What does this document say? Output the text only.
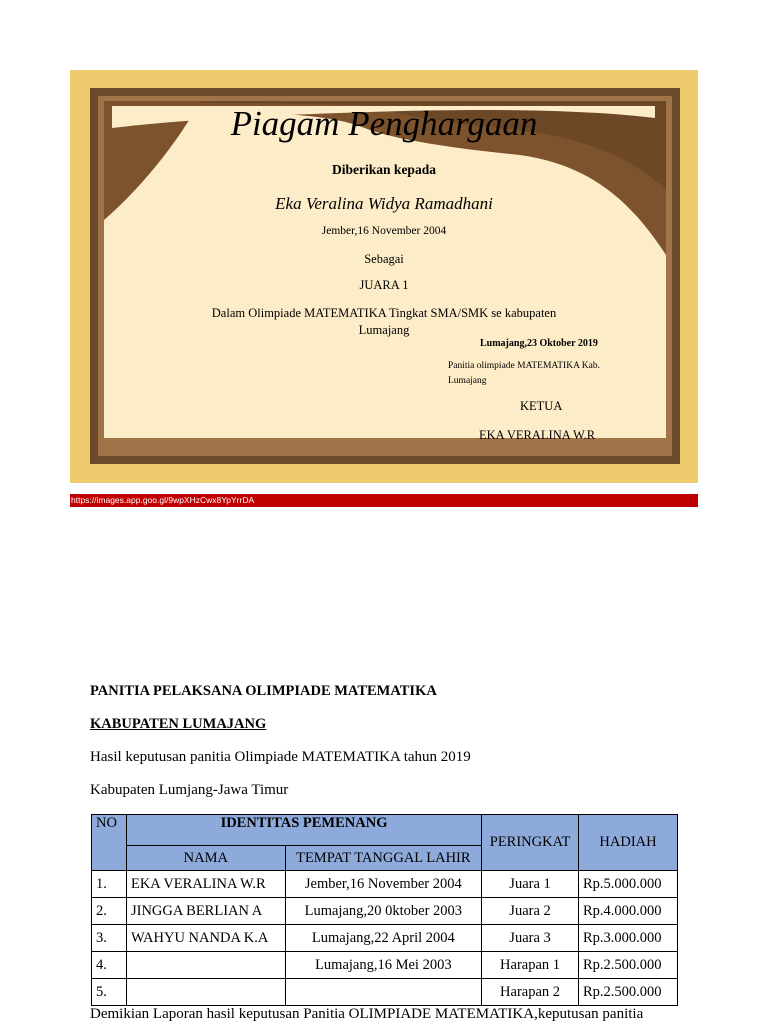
Piagam Penghargaan
Diberikan kepada
Eka Veralina Widya Ramadhani
Jember,16 November 2004
Sebagai
JUARA 1
Dalam Olimpiade MATEMATIKA Tingkat SMA/SMK se kabupaten
Lumajang
Lumajang,23 Oktober 2019
Panitia olimpiade MATEMATIKA Kab.
Lumajang
KETUA
EKA VERALINA W.R
https://images.app.goo.gl/9wpXHzCwx8YpYrrDA
PANITIA PELAKSANA OLIMPIADE MATEMATIKA
KABUPATEN LUMAJANG
Hasil keputusan panitia Olimpiade MATEMATIKA tahun 2019
Kabupaten Lumjang-Jawa Timur
NO	IDENTITAS PEMENANG		PERINGKAT	HADIAH
	NAMA	TEMPAT TANGGAL LAHIR		
1.	EKA VERALINA W.R	Jember,16 November 2004	Juara 1	Rp.5.000.000
2.	JINGGA BERLIAN A	Lumajang,20 0ktober 2003	Juara 2	Rp.4.000.000
3.	WAHYU NANDA K.A	Lumajang,22 April 2004	Juara 3	Rp.3.000.000
4.		Lumajang,16 Mei 2003	Harapan 1	Rp.2.500.000
5.			Harapan 2	Rp.2.500.000
Demikian Laporan hasil keputusan Panitia OLIMPIADE MATEMATIKA,keputusan panitia
